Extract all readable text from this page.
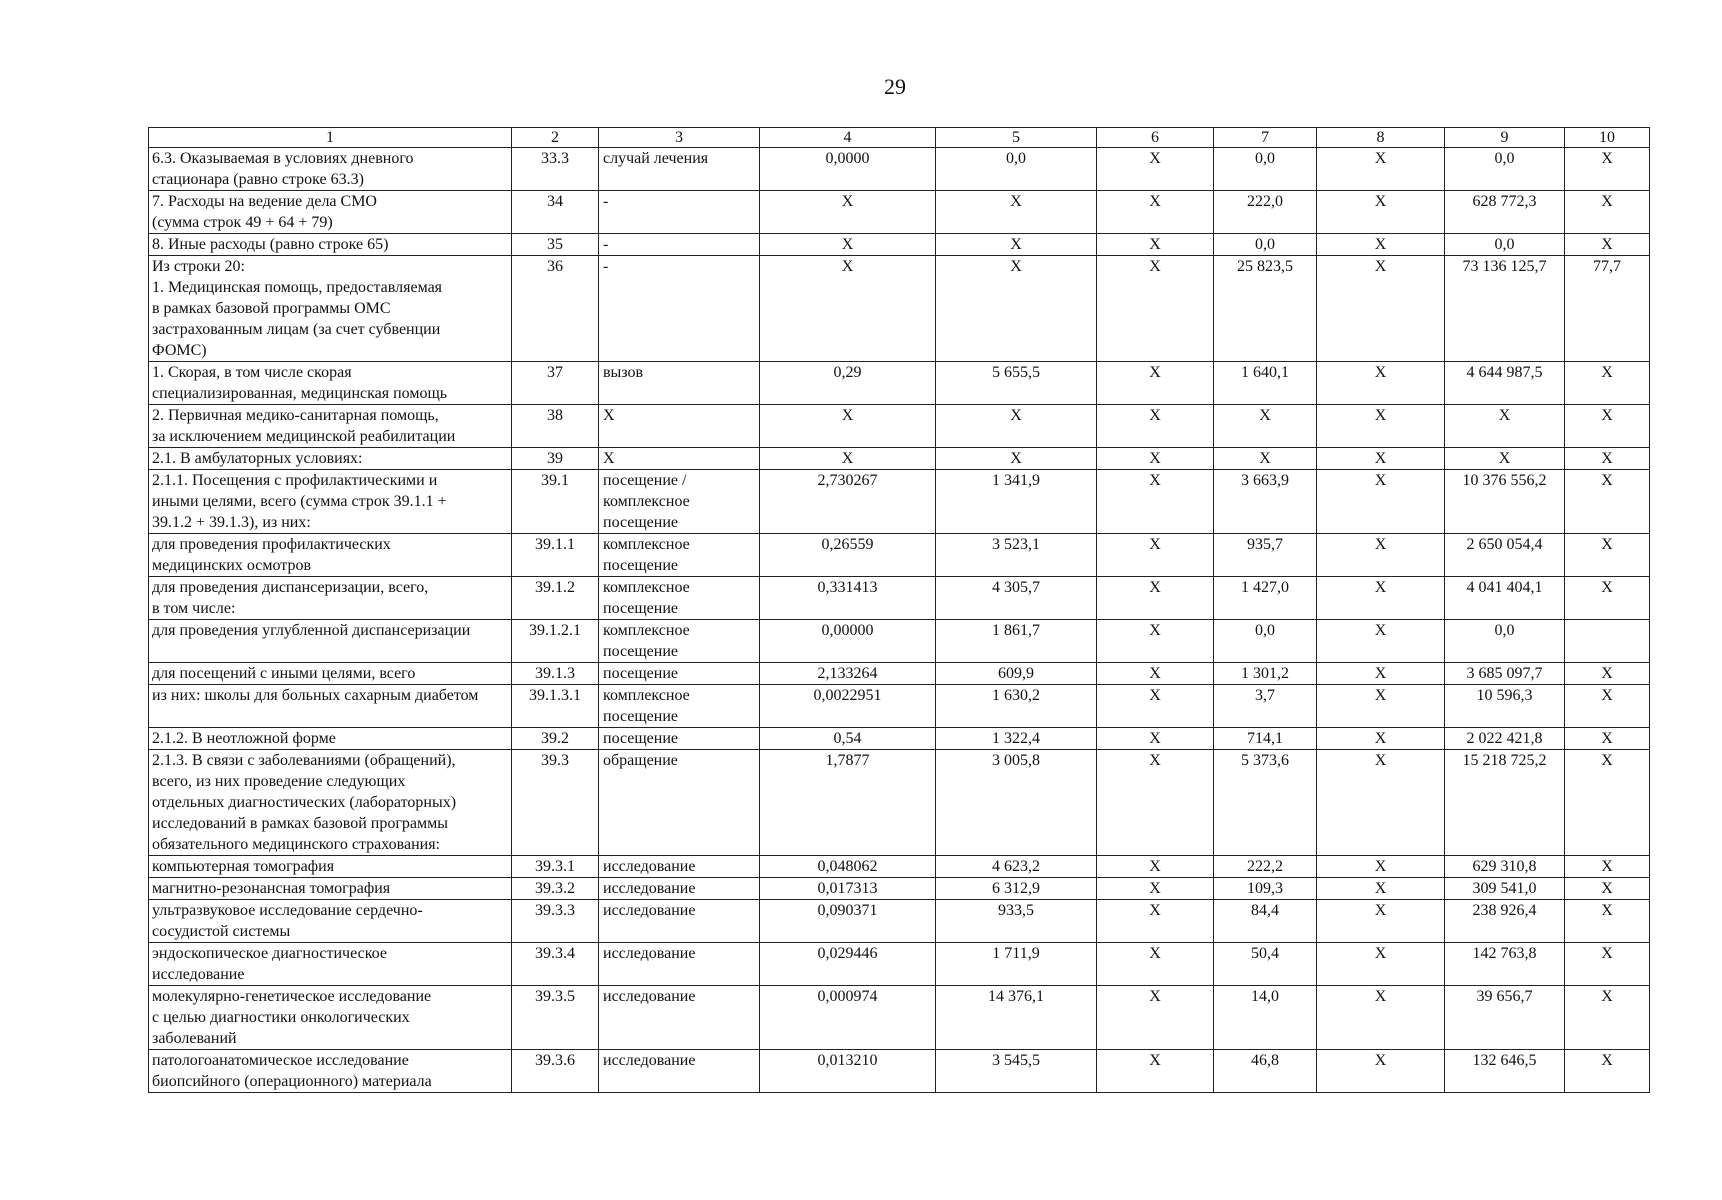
29
1	2	3	4	5	6	7	8	9	10
6.3. Оказываемая в условиях дневного
стационара (равно строке 63.3)	33.3	случай лечения	0,0000	0,0	Х	0,0	Х	0,0	Х
7. Расходы на ведение дела СМО
(сумма строк 49 + 64 + 79)	34	-	Х	Х	Х	222,0	Х	628 772,3	Х
8. Иные расходы (равно строке 65)	35	-	Х	Х	Х	0,0	Х	0,0	Х
Из строки 20:
1. Медицинская помощь, предоставляемая
в рамках базовой программы ОМС
застрахованным лицам (за счет субвенции
ФОМС)	36	-	Х	Х	Х	25 823,5	Х	73 136 125,7	77,7
1. Скорая, в том числе скорая
специализированная, медицинская помощь	37	вызов	0,29	5 655,5	Х	1 640,1	Х	4 644 987,5	Х
2. Первичная медико-санитарная помощь,
за исключением медицинской реабилитации	38	Х	Х	Х	Х	Х	Х	Х	Х
2.1. В амбулаторных условиях:	39	Х	Х	Х	Х	Х	Х	Х	Х
2.1.1. Посещения с профилактическими и
иными целями, всего (сумма строк 39.1.1 +
39.1.2 + 39.1.3), из них:	39.1	посещение /
комплексное
посещение	2,730267	1 341,9	Х	3 663,9	Х	10 376 556,2	Х
для проведения профилактических
медицинских осмотров	39.1.1	комплексное
посещение	0,26559	3 523,1	Х	935,7	Х	2 650 054,4	Х
для проведения диспансеризации, всего,
в том числе:	39.1.2	комплексное
посещение	0,331413	4 305,7	Х	1 427,0	Х	4 041 404,1	Х
для проведения углубленной диспансеризации	39.1.2.1	комплексное
посещение	0,00000	1 861,7	Х	0,0	Х	0,0	
для посещений с иными целями, всего	39.1.3	посещение	2,133264	609,9	Х	1 301,2	Х	3 685 097,7	Х
из них: школы для больных сахарным диабетом	39.1.3.1	комплексное
посещение	0,0022951	1 630,2	Х	3,7	Х	10 596,3	Х
2.1.2. В неотложной форме	39.2	посещение	0,54	1 322,4	Х	714,1	Х	2 022 421,8	Х
2.1.3. В связи с заболеваниями (обращений),
всего, из них проведение следующих
отдельных диагностических (лабораторных)
исследований в рамках базовой программы
обязательного медицинского страхования:	39.3	обращение	1,7877	3 005,8	Х	5 373,6	Х	15 218 725,2	Х
компьютерная томография	39.3.1	исследование	0,048062	4 623,2	Х	222,2	Х	629 310,8	Х
магнитно-резонансная томография	39.3.2	исследование	0,017313	6 312,9	Х	109,3	Х	309 541,0	Х
ультразвуковое исследование сердечно-
сосудистой системы	39.3.3	исследование	0,090371	933,5	Х	84,4	Х	238 926,4	Х
эндоскопическое диагностическое
исследование	39.3.4	исследование	0,029446	1 711,9	Х	50,4	Х	142 763,8	Х
молекулярно-генетическое исследование
с целью диагностики онкологических
заболеваний	39.3.5	исследование	0,000974	14 376,1	Х	14,0	Х	39 656,7	Х
патологоанатомическое исследование
биопсийного (операционного) материала	39.3.6	исследование	0,013210	3 545,5	Х	46,8	Х	132 646,5	Х
